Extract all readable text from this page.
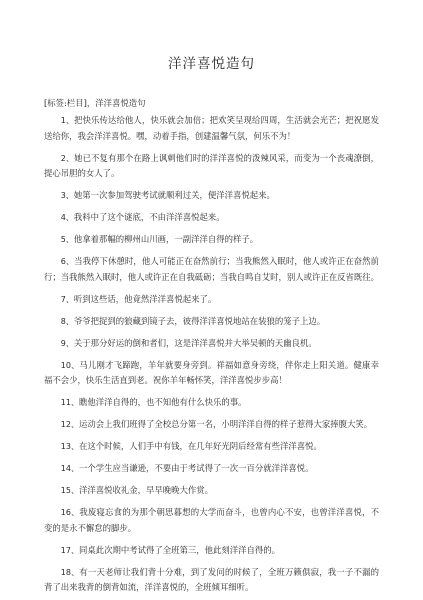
洋洋喜悦造句
[标签:栏目]，洋洋喜悦造句

1、把快乐传达给他人，快乐就会加倍；把欢笑呈现给四周，生活就会光芒；把祝愿发送给你，我会洋洋喜悦。嘿，动着手指，创建温馨气氛，何乐不为！

2、她已不复有那个在路上讽刺他们时的洋洋喜悦的泼辣风采，而变为一个丧魂潦倒，提心吊胆的女人了。

3、她第一次参加驾驶考试就顺利过关，便洋洋喜悦起来。

4、我料中了这个谜底，不由洋洋喜悦起来。

5、他拿着那幅的柳州山川画，一副洋洋自得的样子。

6、当我停下休憩时，他人可能正在奋然前行；当我熊然入眠时，他人或许正在奋然前行；当我熊然入眠时，他人或许正在自我砥砺；当我自鸣自艾时，别人或许正在反省既往。

7、听到这些话，他竟然洋洋喜悦起来了。

8、爷爷把捉到的狼藏到镜子去，彼得洋洋喜悦地站在装狼的笼子上边。

9、关于那分好运的倒和者们，这是洋洋喜悦并大举吴顿的天幽良机。

10、马儿刚才飞蹄跑，羊年就要身旁到。祥福如意身旁绕，伴你走上阳关道。健康幸福不会少，快乐生活直到老。祝你羊年畅怀笑，洋洋喜悦步步高！

11、瞧他洋洋自得的，也不知他有什么快乐的事。

12、运动会上我们班得了全校总分第一名，小明洋洋自得的样子惹得大家捧腹大笑。

13、在这个时候，人们手中有钱，在几年好光阴后经常有些洋洋喜悦。

14、一个学生应当谦逊，不要由于考试得了一次一百分就洋洋喜悦。

15、洋洋喜悦收礼金，早早晚晚大作赏。

16、我废寝忘食的为那个朝思暮想的大学而奋斗，也曾内心不安，也曾洋洋喜悦，不变的是永不懈怠的脚步。

17、同桌此次期中考试得了全班第三，他此刻洋洋自得的。

18、有一天老师让我们背十分难，到了发问的时候了，全班万籁俱寂，我一子不漏的背了出来我背的倒背如流，洋洋喜悦的，全班倾耳细听。
